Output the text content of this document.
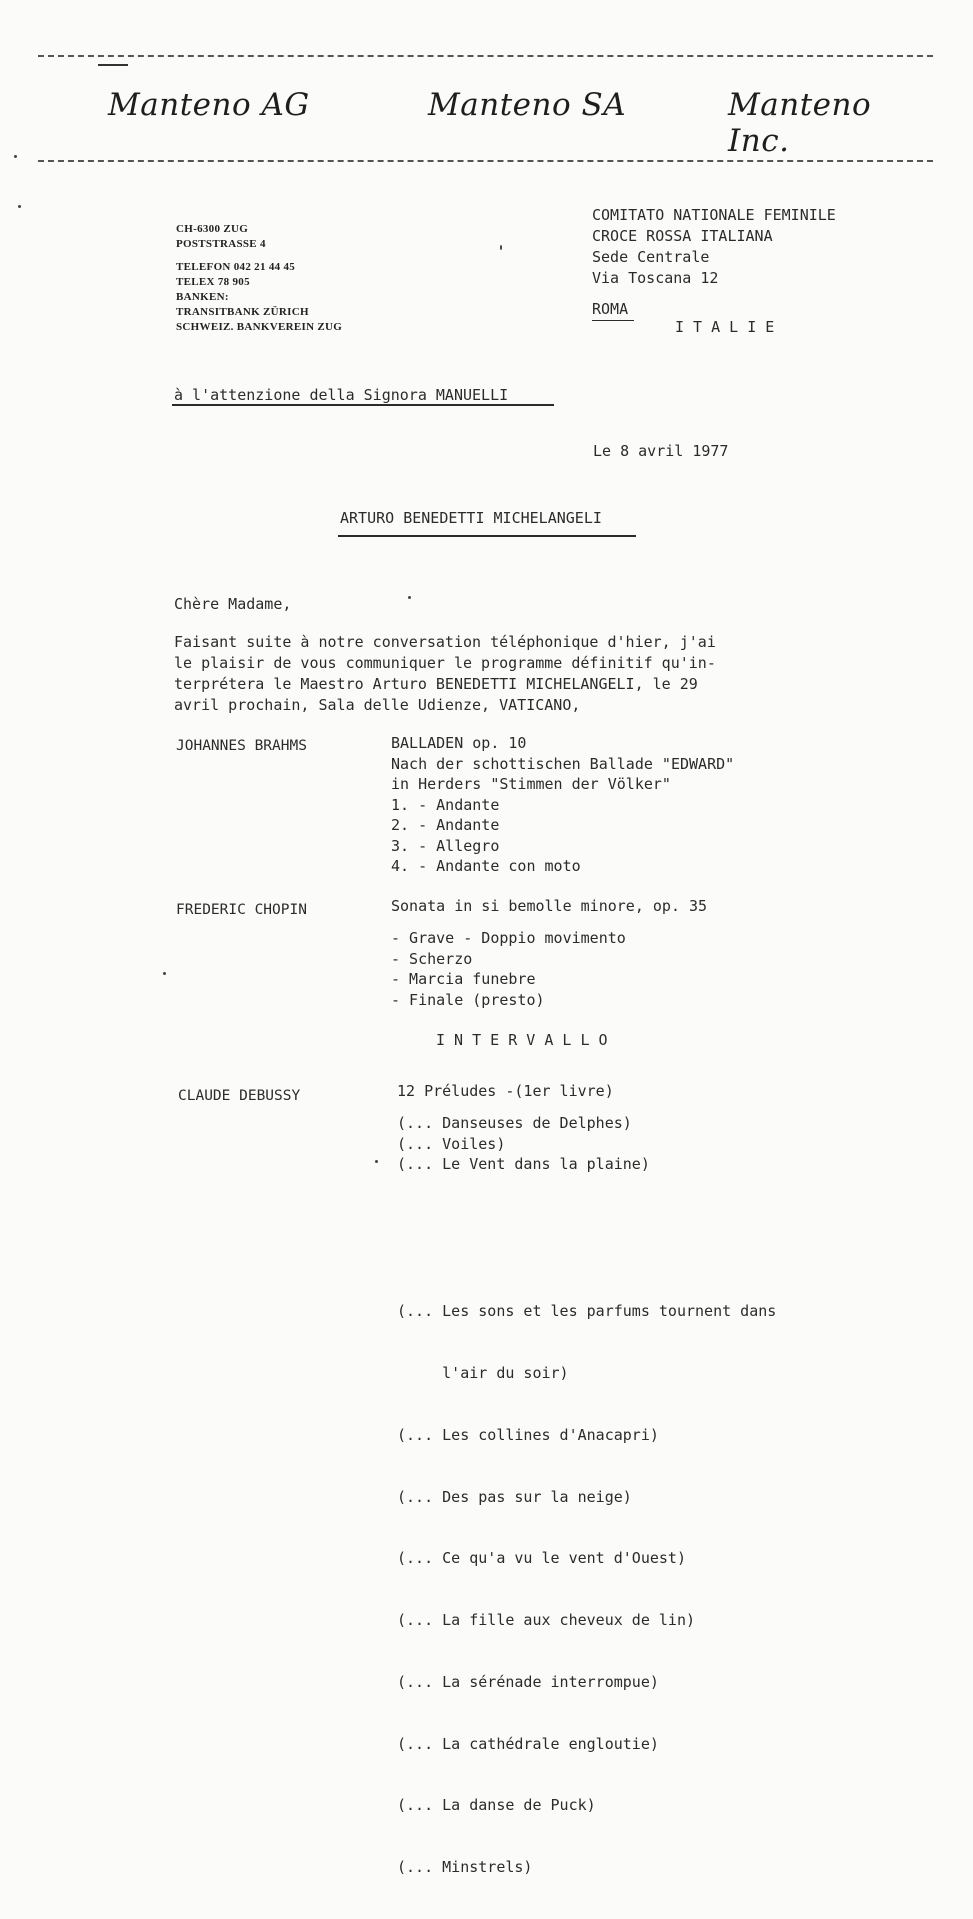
Manteno AG	Manteno SA	Manteno Inc.
CH-6300 ZUG
POSTSTRASSE 4
TELEFON 042 21 44 45
TELEX 78 905
BANKEN:
TRANSITBANK ZÜRICH
SCHWEIZ. BANKVEREIN ZUG
COMITATO NATIONALE FEMINILE
CROCE ROSSA ITALIANA
Sede Centrale
Via Toscana 12
ROMA
I T A L I E
à l'attenzione della Signora MANUELLI
Le 8 avril 1977
ARTURO BENEDETTI MICHELANGELI
Chère Madame,
Faisant suite à notre conversation téléphonique d'hier, j'ai
le plaisir de vous communiquer le programme définitif qu'in-
terprétera le Maestro Arturo BENEDETTI MICHELANGELI, le 29
avril prochain, Sala delle Udienze, VATICANO,
JOHANNES BRAHMS	BALLADEN op. 10
Nach der schottischen Ballade "EDWARD"
in Herders "Stimmen der Völker"
1. - Andante
2. - Andante
3. - Allegro
4. - Andante con moto
FREDERIC CHOPIN	Sonata in si bemolle minore, op. 35
- Grave - Doppio movimento
- Scherzo
- Marcia funebre
- Finale (presto)
I N T E R V A L L O
CLAUDE DEBUSSY	12 Préludes -(1er livre)
(... Danseuses de Delphes)
(... Voiles)
(... Le Vent dans la plaine)

(... Les sons et les parfums tournent dans

l'air du soir)

(... Les collines d'Anacapri)

(... Des pas sur la neige)

(... Ce qu'a vu le vent d'Ouest)

(... La fille aux cheveux de lin)

(... La sérénade interrompue)

(... La cathédrale engloutie)

(... La danse de Puck)

(... Minstrels)
